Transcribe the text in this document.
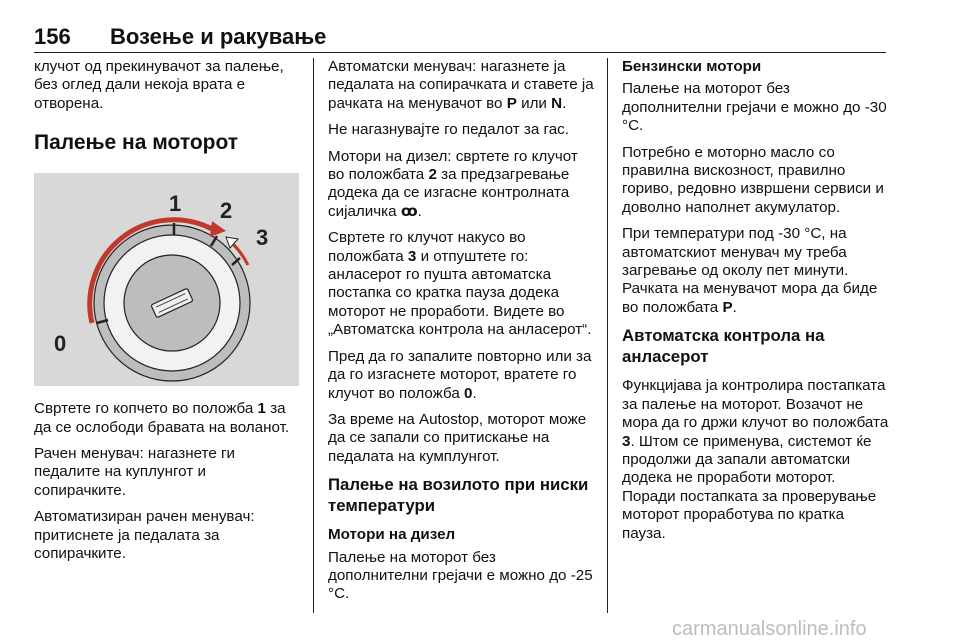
156 Возење и ракување

клучот од прекинувачот за палење, без оглед дали некоја врата е отворена.

Палење на моторот
0
1 2
3

Свртете го копчето во положба 1 за да се ослободи бравата на воланот.

Рачен менувач: нагазнете ги педалите на куплунгот и сопирачките.

Автоматизиран рачен менувач: притиснете ја педалата за сопирачките.

Автоматски менувач: нагазнете ја педалата на сопирачката и ставете ја рачката на менувачот во P или N.

Не нагазнувајте го педалот за гас.

Мотори на дизел: свртете го клучот во положбата 2 за предзагревање додека да се изгасне контролната сијаличка ꝏ.

Свртете го клучот накусо во положбата 3 и отпуштете го: анласерот го пушта автоматска постапка со кратка пауза додека моторот не проработи. Видете во „Автоматска контрола на анласерот“.

Пред да го запалите повторно или за да го изгаснете моторот, вратете го клучот во положба 0.

За време на Autostop, моторот може да се запали со притискање на педалата на кумплунгот.

Палење на возилото при ниски температури
Мотори на дизел

Палење на моторот без дополнителни грејачи е можно до -25 °C.

Бензински мотори

Палење на моторот без дополнителни грејачи е можно до -30 °C.

Потребно е моторно масло со правилна вискозност, правилно гориво, редовно извршени сервиси и доволно наполнет акумулатор.

При температури под -30 °C, на автоматскиот менувач му треба загревање од околу пет минути. Рачката на менувачот мора да биде во положбата P.

Автоматска контрола на анласерот

Функцијава ја контролира постапката за палење на моторот. Возачот не мора да го држи клучот во положбата 3. Штом се применува, системот ќе продолжи да запали автоматски додека не проработи моторот. Поради постапката за проверување моторот проработува по кратка пауза.

carmanualsonline.info
